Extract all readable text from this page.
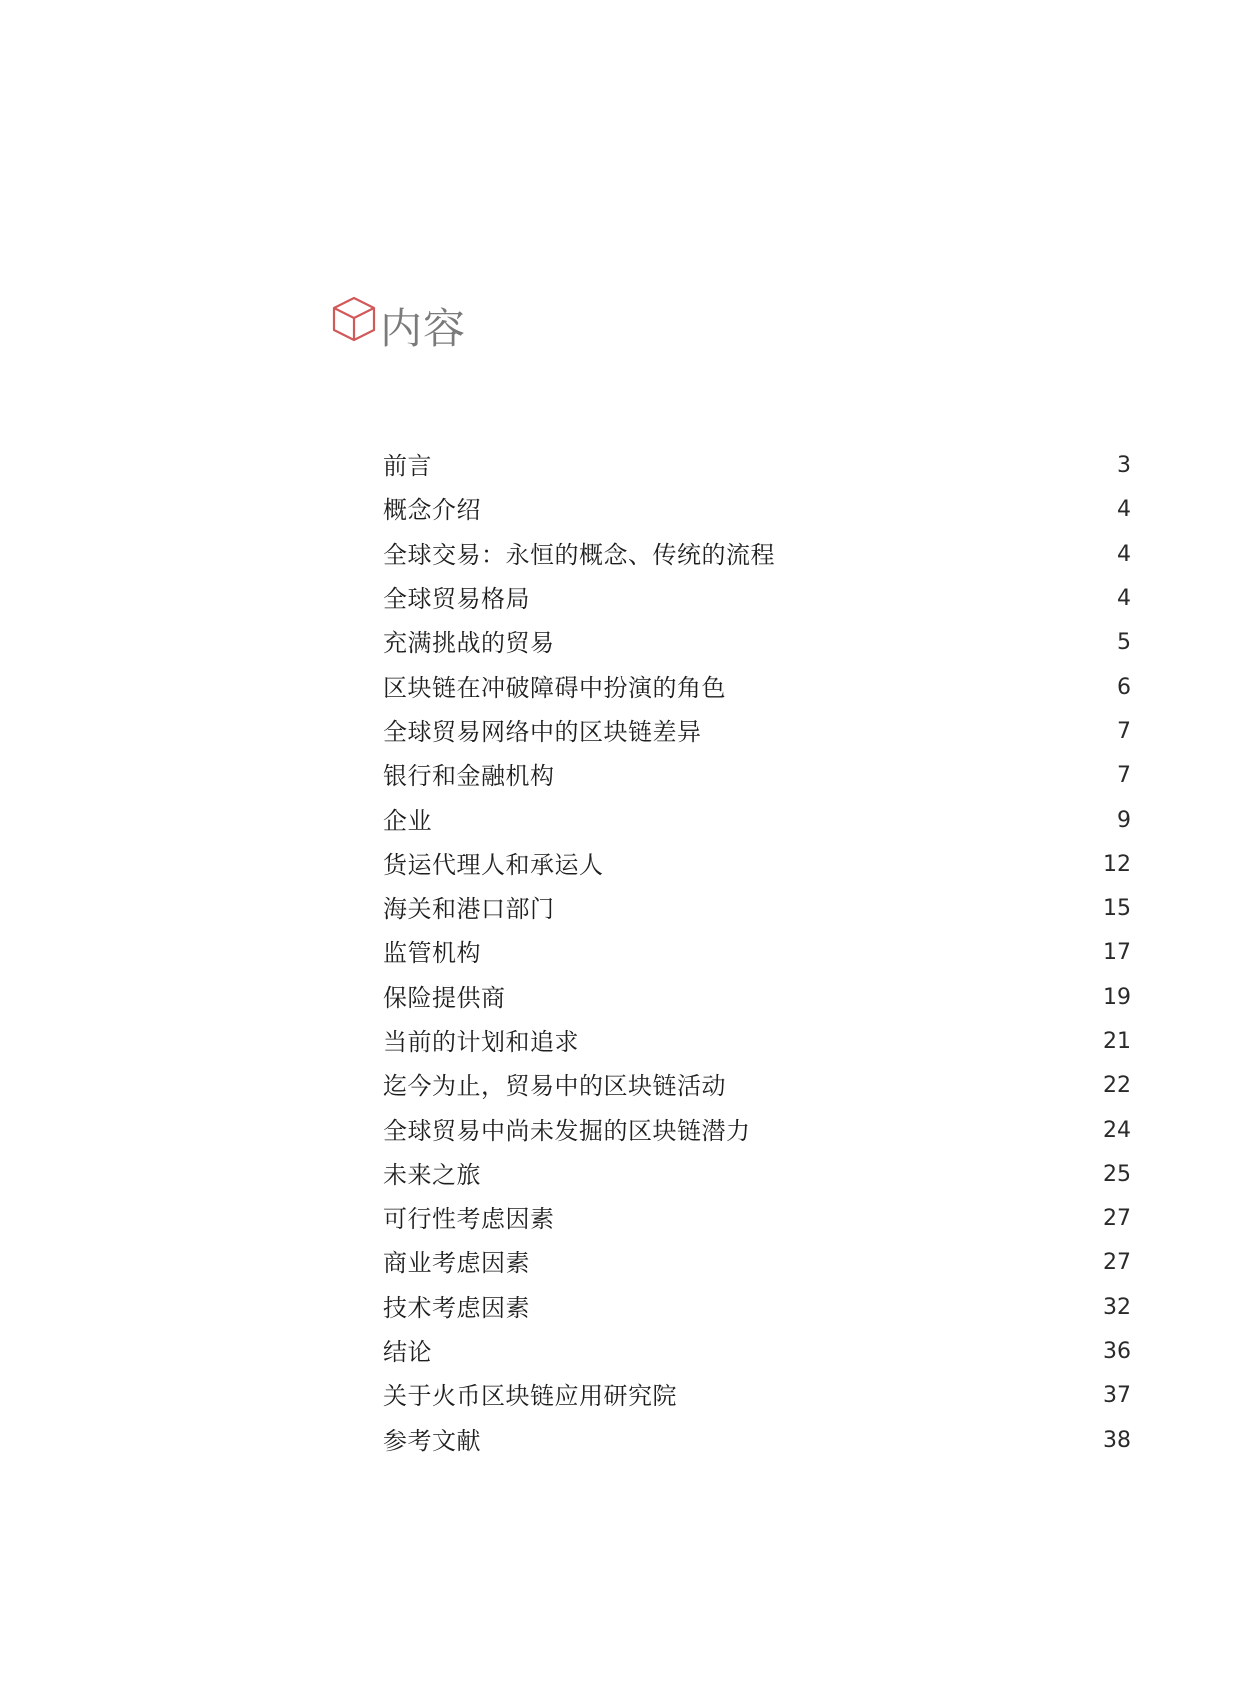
内容
前言	3
概念介绍	4
全球交易：永恒的概念、传统的流程	4
全球贸易格局	4
充满挑战的贸易	5
区块链在冲破障碍中扮演的角色	6
全球贸易网络中的区块链差异	7
银行和金融机构	7
企业	9
货运代理人和承运人	12
海关和港口部门	15
监管机构	17
保险提供商	19
当前的计划和追求	21
迄今为止，贸易中的区块链活动	22
全球贸易中尚未发掘的区块链潜力	24
未来之旅	25
可行性考虑因素	27
商业考虑因素	27
技术考虑因素	32
结论	36
关于火币区块链应用研究院	37
参考文献	38
